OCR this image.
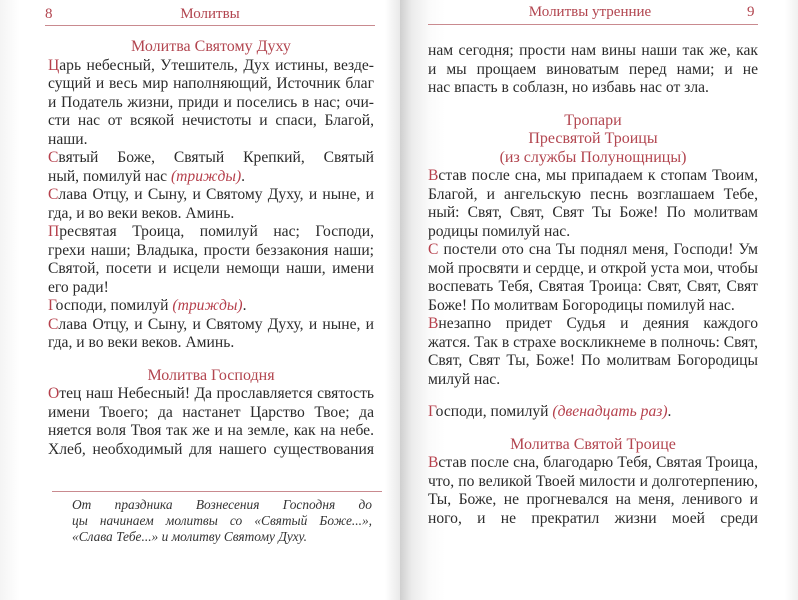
8	Молитвы
Молитва Святому Духу
Царь небесный, Утешитель, Дух истины, везде-
сущий и весь мир наполняющий, Источник благ
и Податель жизни, приди и поселись в нас; очи-
сти нас от всякой нечистоты и спаси, Благой,
наши.
Святый Боже, Святый Крепкий, Святый
ный, помилуй нас (трижды).
Слава Отцу, и Сыну, и Святому Духу, и ныне, и
гда, и во веки веков. Аминь.
Пресвятая Троица, помилуй нас; Господи,
грехи наши; Владыка, прости беззакония наши;
Святой, посети и исцели немощи наши, имени
его ради!
Господи, помилуй (трижды).
Слава Отцу, и Сыну, и Святому Духу, и ныне, и
гда, и во веки веков. Аминь.
Молитва Господня
Отец наш Небесный! Да прославляется святость
имени Твоего; да настанет Царство Твое; да
няется воля Твоя так же и на земле, как на небе.
Хлеб, необходимый для нашего существования
От праздника Вознесения Господня до
цы начинаем молитвы со «Святый Боже...»,
«Слава Тебе...» и молитву Святому Духу.
Молитвы утренние	9
нам сегодня; прости нам вины наши так же, как
и мы прощаем виноватым перед нами; и не
нас впасть в соблазн, но избавь нас от зла.
Тропари
Пресвятой Троицы
(из службы Полунощницы)
Встав после сна, мы припадаем к стопам Твоим,
Благой, и ангельскую песнь возглашаем Тебе,
ный: Свят, Свят, Свят Ты Боже! По молитвам
родицы помилуй нас.
С постели ото сна Ты поднял меня, Господи! Ум
мой просвяти и сердце, и открой уста мои, чтобы
воспевать Тебя, Святая Троица: Свят, Свят, Свят
Боже! По молитвам Богородицы помилуй нас.
Внезапно придет Судья и деяния каждого
жатся. Так в страхе воскликнеме в полночь: Свят,
Свят, Свят Ты, Боже! По молитвам Богородицы
милуй нас.
Господи, помилуй (двенадцать раз).
Молитва Святой Троице
Встав после сна, благодарю Тебя, Святая Троица,
что, по великой Твоей милости и долготерпению,
Ты, Боже, не прогневался на меня, ленивого и
ного, и не прекратил жизни моей среди
